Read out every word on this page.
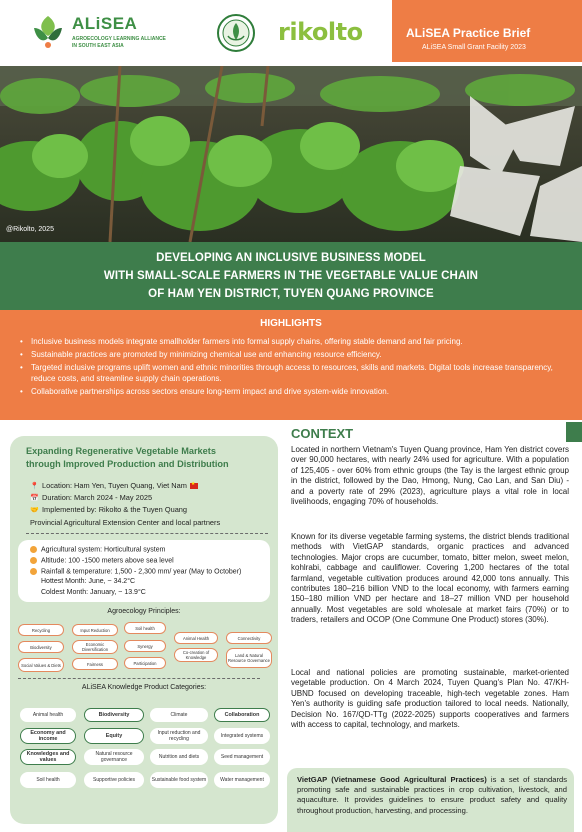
ALiSEA
AGROECOLOGY LEARNING ALLIANCE
IN SOUTH EAST ASIA	rikolto	ALiSEA Practice Brief
ALiSEA Small Grant Facility 2023
@Rikolto, 2025
DEVELOPING AN INCLUSIVE BUSINESS MODEL
WITH SMALL-SCALE FARMERS IN THE VEGETABLE VALUE CHAIN
OF HAM YEN DISTRICT, TUYEN QUANG PROVINCE
HIGHLIGHTS
• Inclusive business models integrate smallholder farmers into formal supply chains, offering stable demand and fair pricing.
• Sustainable practices are promoted by minimizing chemical use and enhancing resource efficiency.
• Targeted inclusive programs uplift women and ethnic minorities through access to resources, skills and markets. Digital tools increase transparency, reduce costs, and streamline supply chain operations.
• Collaborative partnerships across sectors ensure long-term impact and drive system-wide innovation.
Expanding Regenerative Vegetable Markets
through Improved Production and Distribution
📍 Location: Ham Yen, Tuyen Quang, Viet Nam★
📅 Duration: March 2024 - May 2025
🤝 Implemented by: Rikolto & the Tuyen Quang
Provincial Agricultural Extension Center and local partners
Agricultural system: Horticultural system
Altitude: 100 -1500 meters above sea level
Rainfall & temperature: 1,500 - 2,300 mm/ year (May to October)
Hottest Month: June, ~ 34.2°C
Coldest Month: January, ~ 13.9°C
Agroecology Principles:
Recycling	Input Reduction	Soil health
Economic Diversification
Animal Health	Connectivity
Biodiversity	Synergy
Co-creation of Knowledge
Social Values & Diets	Fairness	Participation
Land & Natural Resource Governance
ALiSEA Knowledge Product Categories:
Animal health	Biodiversity	Climate	Collaboration
Economy and income	Equity	Input reduction and recycling	Integrated systems
Knowledges and values
Natural resource governance	Nutrition and diets	Seed management
Soil health	Supportive policies	Sustainable food system	Water management
CONTEXT
Located in northern Vietnam's Tuyen Quang province, Ham Yen district covers over 90,000 hectares, with nearly 24% used for agriculture. With a population of 125,405 - over 60% from ethnic groups (the Tay is the largest ethnic group in the district, followed by the Dao, Hmong, Nung, Cao Lan, and San Diu) - and a poverty rate of 29% (2023), agriculture plays a vital role in local livelihoods, engaging 70% of households.
Known for its diverse vegetable farming systems, the district blends traditional methods with VietGAP standards, organic practices and advanced technologies. Major crops are cucumber, tomato, bitter melon, sweet melon, kohlrabi, cabbage and cauliflower. Covering 1,200 hectares of the total farmland, vegetable cultivation produces around 42,000 tons annually. This contributes 180–216 billion VND to the local economy, with farmers earning 150–180 million VND per hectare and 18–27 million VND per household annually. Most vegetables are sold wholesale at market fairs (70%) or to traders, retailers and OCOP (One Commune One Product) stores (30%).
Local and national policies are promoting sustainable, market-oriented vegetable production. On 4 March 2024, Tuyen Quang's Plan No. 47/KH-UBND focused on developing traceable, high-tech vegetable zones. Ham Yen's authority is guiding safe production tailored to local needs. Nationally, Decision No. 167/QD-TTg (2022-2025) supports cooperatives and farmers with access to capital, technology, and markets.
VietGAP (Vietnamese Good Agricultural Practices) is a set of standards promoting safe and sustainable practices in crop cultivation, livestock, and aquaculture. It provides guidelines to ensure product safety and quality throughout production, harvesting, and processing.
